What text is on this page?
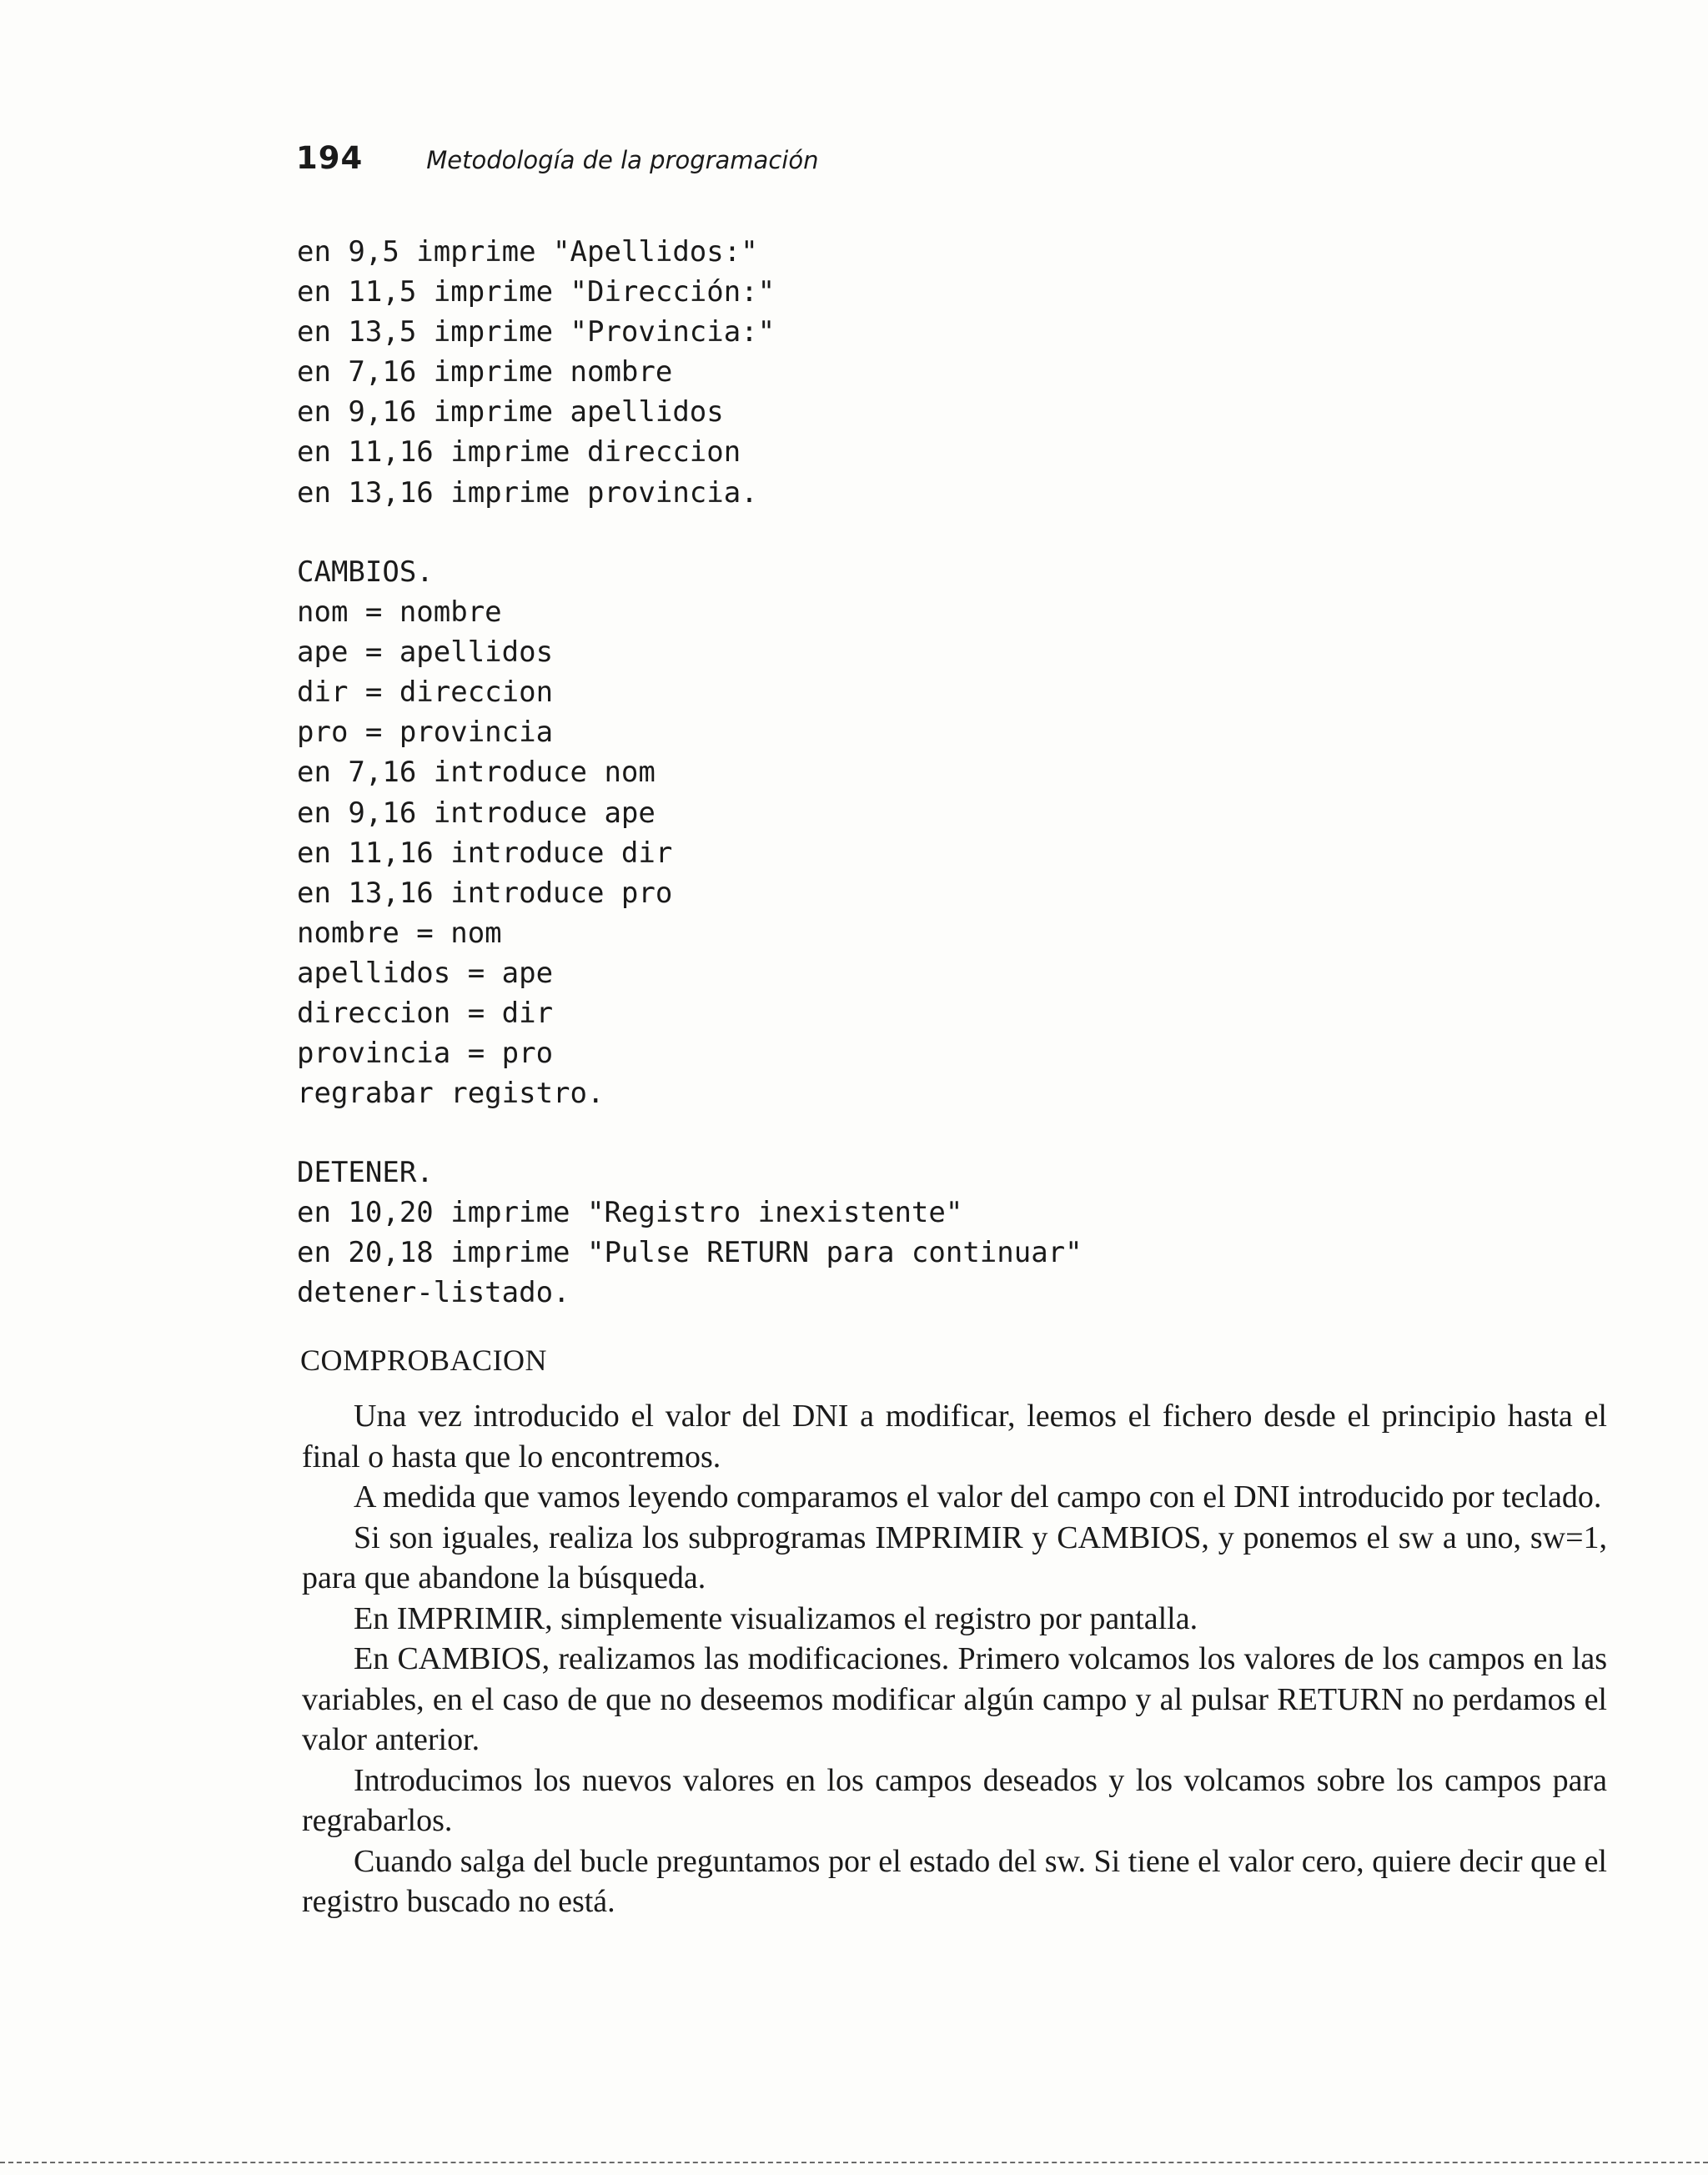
194	Metodología de la programación
en 9,5 imprime "Apellidos:"
en 11,5 imprime "Dirección:"
en 13,5 imprime "Provincia:"
en 7,16 imprime nombre
en 9,16 imprime apellidos
en 11,16 imprime direccion
en 13,16 imprime provincia.
CAMBIOS.
nom = nombre
ape = apellidos
dir = direccion
pro = provincia
en 7,16 introduce nom
en 9,16 introduce ape
en 11,16 introduce dir
en 13,16 introduce pro
nombre = nom
apellidos = ape
direccion = dir
provincia = pro
regrabar registro.
DETENER.
en 10,20 imprime "Registro inexistente"
en 20,18 imprime "Pulse RETURN para continuar"
detener-listado.
COMPROBACION

Una vez introducido el valor del DNI a modificar, leemos el fichero desde el principio hasta el final o hasta que lo encontremos.

A medida que vamos leyendo comparamos el valor del campo con el DNI introducido por teclado.

Si son iguales, realiza los subprogramas IMPRIMIR y CAMBIOS, y ponemos el sw a uno, sw=1, para que abandone la búsqueda.

En IMPRIMIR, simplemente visualizamos el registro por pantalla.

En CAMBIOS, realizamos las modificaciones. Primero volcamos los valores de los campos en las variables, en el caso de que no deseemos modificar algún campo y al pulsar RETURN no perdamos el valor anterior.

Introducimos los nuevos valores en los campos deseados y los volcamos sobre los campos para regrabarlos.

Cuando salga del bucle preguntamos por el estado del sw. Si tiene el valor cero, quiere decir que el registro buscado no está.
